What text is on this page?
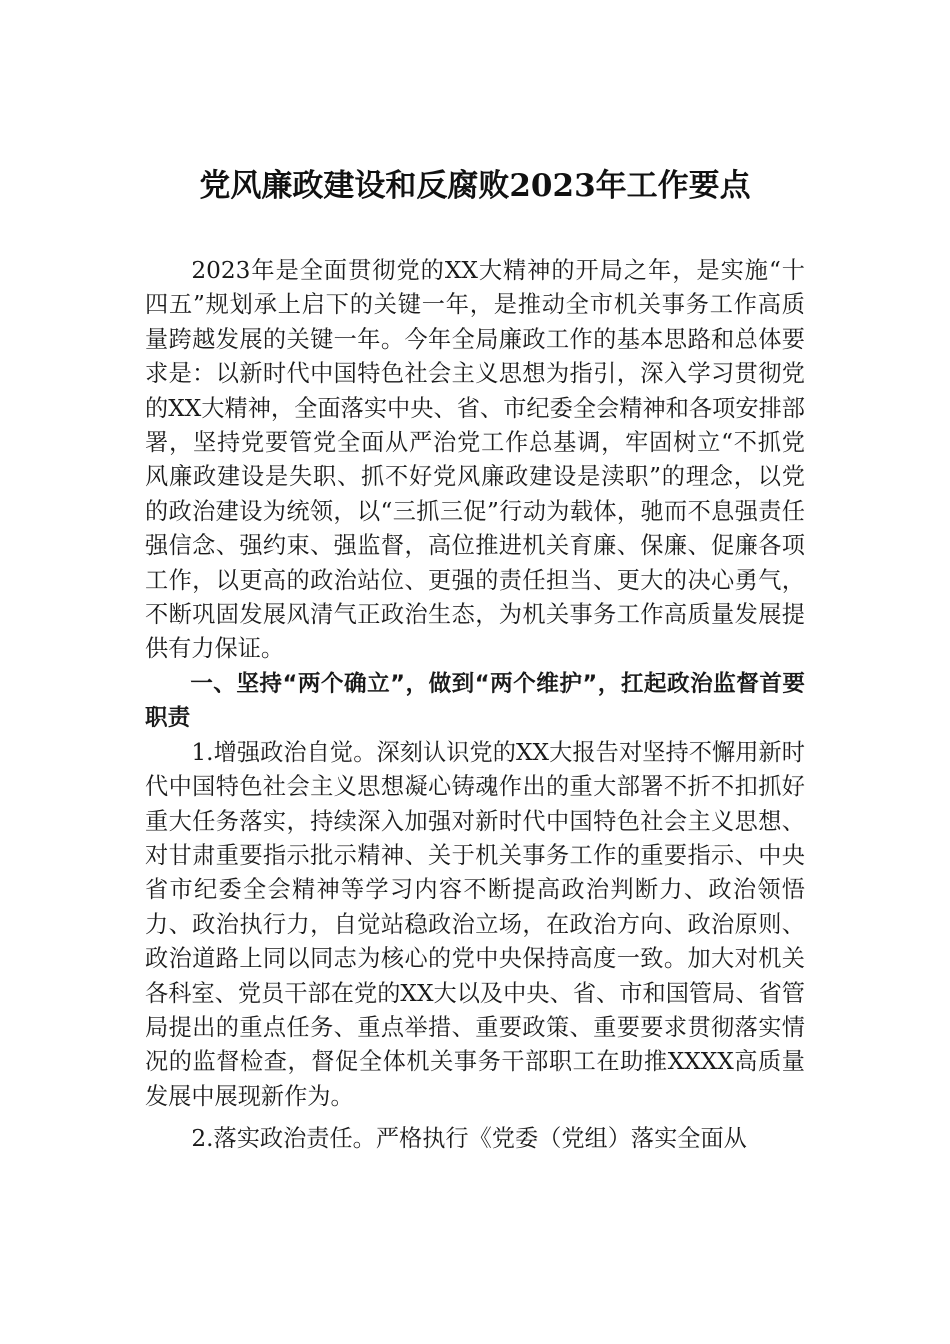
党风廉政建设和反腐败2023年工作要点

2023年是全面贯彻党的XX大精神的开局之年，是实施“十四五”规划承上启下的关键一年，是推动全市机关事务工作高质量跨越发展的关键一年。今年全局廉政工作的基本思路和总体要求是：以新时代中国特色社会主义思想为指引，深入学习贯彻党的XX大精神，全面落实中央、省、市纪委全会精神和各项安排部署，坚持党要管党全面从严治党工作总基调，牢固树立“不抓党风廉政建设是失职、抓不好党风廉政建设是渎职”的理念，以党的政治建设为统领，以“三抓三促”行动为载体，驰而不息强责任强信念、强约束、强监督，高位推进机关育廉、保廉、促廉各项工作，以更高的政治站位、更强的责任担当、更大的决心勇气，不断巩固发展风清气正政治生态，为机关事务工作高质量发展提供有力保证。

一、坚持“两个确立”，做到“两个维护”，扛起政治监督首要职责

1.增强政治自觉。深刻认识党的XX大报告对坚持不懈用新时代中国特色社会主义思想凝心铸魂作出的重大部署不折不扣抓好重大任务落实，持续深入加强对新时代中国特色社会主义思想、对甘肃重要指示批示精神、关于机关事务工作的重要指示、中央省市纪委全会精神等学习内容不断提高政治判断力、政治领悟力、政治执行力，自觉站稳政治立场，在政治方向、政治原则、政治道路上同以同志为核心的党中央保持高度一致。加大对机关各科室、党员干部在党的XX大以及中央、省、市和国管局、省管局提出的重点任务、重点举措、重要政策、重要要求贯彻落实情况的监督检查，督促全体机关事务干部职工在助推XXXX高质量发展中展现新作为。

2.落实政治责任。严格执行《党委（党组）落实全面从
